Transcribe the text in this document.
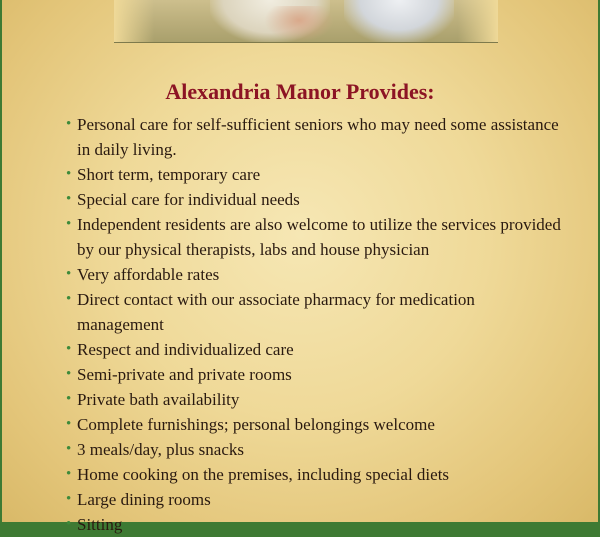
Alexandria Manor Provides:
• Personal care for self-sufficient seniors who may need some assistance in daily living.
• Short term, temporary care
• Special care for individual needs
• Independent residents are also welcome to utilize the services provided by our physical therapists, labs and house physician
• Very affordable rates
• Direct contact with our associate pharmacy for medication management
• Respect and individualized care
• Semi-private and private rooms
• Private bath availability
• Complete furnishings; personal belongings welcome
• 3 meals/day, plus snacks
• Home cooking on the premises, including special diets
• Large dining rooms
• Sitting
